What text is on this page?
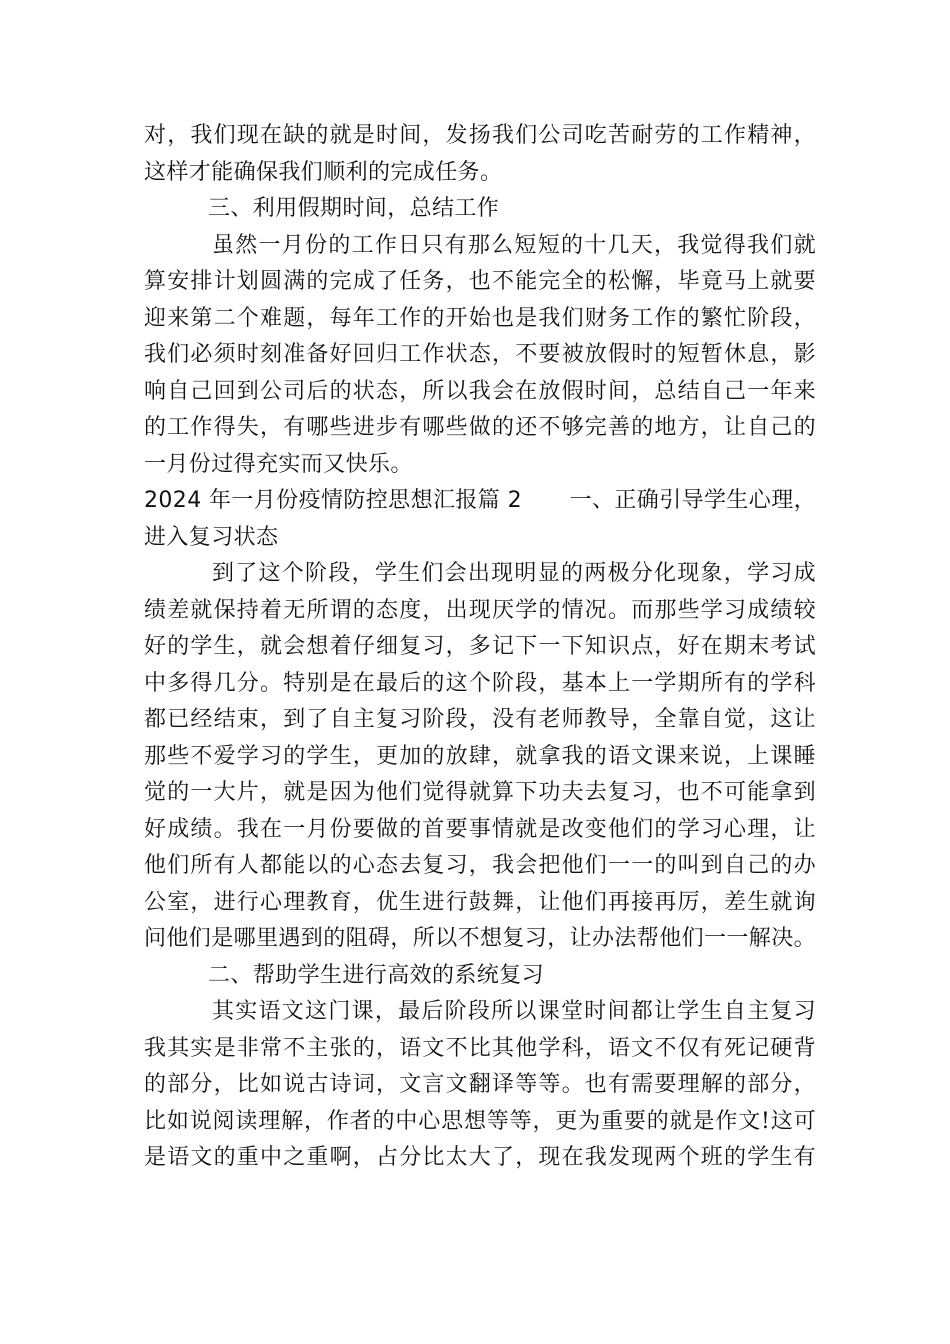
对，我们现在缺的就是时间，发扬我们公司吃苦耐劳的工作精神，
这样才能确保我们顺利的完成任务。
三、利用假期时间，总结工作
虽然一月份的工作日只有那么短短的十几天，我觉得我们就
算安排计划圆满的完成了任务，也不能完全的松懈，毕竟马上就要
迎来第二个难题，每年工作的开始也是我们财务工作的繁忙阶段，
我们必须时刻准备好回归工作状态，不要被放假时的短暂休息，影
响自己回到公司后的状态，所以我会在放假时间，总结自己一年来
的工作得失，有哪些进步有哪些做的还不够完善的地方，让自己的
一月份过得充实而又快乐。
2024 年一月份疫情防控思想汇报篇 2 一、正确引导学生心理，
进入复习状态
到了这个阶段，学生们会出现明显的两极分化现象，学习成
绩差就保持着无所谓的态度，出现厌学的情况。而那些学习成绩较
好的学生，就会想着仔细复习，多记下一下知识点，好在期末考试
中多得几分。特别是在最后的这个阶段，基本上一学期所有的学科
都已经结束，到了自主复习阶段，没有老师教导，全靠自觉，这让
那些不爱学习的学生，更加的放肆，就拿我的语文课来说，上课睡
觉的一大片，就是因为他们觉得就算下功夫去复习，也不可能拿到
好成绩。我在一月份要做的首要事情就是改变他们的学习心理，让
他们所有人都能以的心态去复习，我会把他们一一的叫到自己的办
公室，进行心理教育，优生进行鼓舞，让他们再接再厉，差生就询
问他们是哪里遇到的阻碍，所以不想复习，让办法帮他们一一解决。
二、帮助学生进行高效的系统复习
其实语文这门课，最后阶段所以课堂时间都让学生自主复习
我其实是非常不主张的，语文不比其他学科，语文不仅有死记硬背
的部分，比如说古诗词，文言文翻译等等。也有需要理解的部分，
比如说阅读理解，作者的中心思想等等，更为重要的就是作文!这可
是语文的重中之重啊，占分比太大了，现在我发现两个班的学生有
